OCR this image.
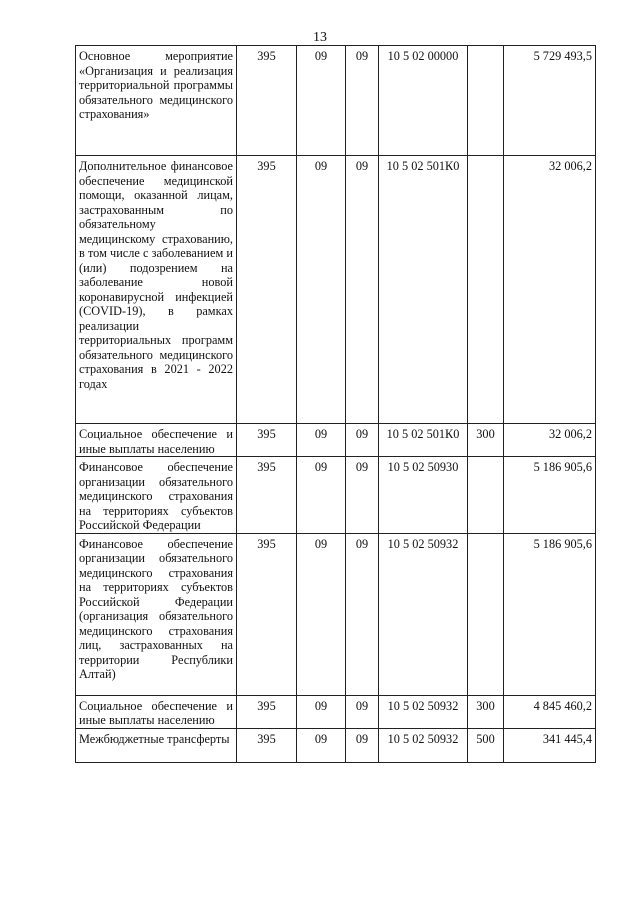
13
Основное мероприятие «Организация и реализация территориальной программы обязательного медицинского страхования»	395	09	09	10 5 02 00000		5 729 493,5
Дополнительное финансовое обеспечение медицинской помощи, оказанной лицам, застрахованным по обязательному медицинскому страхованию, в том числе с заболеванием и (или) подозрением на заболевание новой коронавирусной инфекцией (COVID-19), в рамках реализации территориальных программ обязательного медицинского страхования в 2021 - 2022 годах	395	09	09	10 5 02 501К0		32 006,2
Социальное обеспечение и иные выплаты населению	395	09	09	10 5 02 501К0	300	32 006,2
Финансовое обеспечение организации обязательного медицинского страхования на территориях субъектов Российской Федерации	395	09	09	10 5 02 50930		5 186 905,6
Финансовое обеспечение организации обязательного медицинского страхования на территориях субъектов Российской Федерации (организация обязательного медицинского страхования лиц, застрахованных на территории Республики Алтай)	395	09	09	10 5 02 50932		5 186 905,6
Социальное обеспечение и иные выплаты населению	395	09	09	10 5 02 50932	300	4 845 460,2
Межбюджетные трансферты	395	09	09	10 5 02 50932	500	341 445,4
